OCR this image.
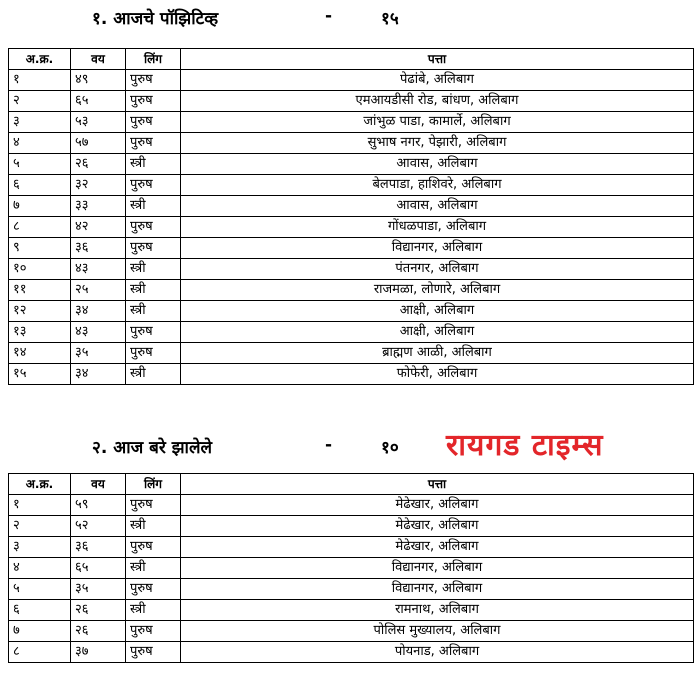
१. आजचे पॉझिटिव्ह	-	१५
अ.क्र.	वय	लिंग	पत्ता
१	४९	पुरुष	पेढांबे, अलिबाग
२	६५	पुरुष	एमआयडीसी रोड, बांधण, अलिबाग
३	५३	पुरुष	जांभुळ पाडा, कामार्ले, अलिबाग
४	५७	पुरुष	सुभाष नगर, पेझारी, अलिबाग
५	२६	स्त्री	आवास, अलिबाग
६	३२	पुरुष	बेलपाडा, हाशिवरे, अलिबाग
७	३३	स्त्री	आवास, अलिबाग
८	४२	पुरुष	गोंधळपाडा, अलिबाग
९	३६	पुरुष	विद्यानगर, अलिबाग
१०	४३	स्त्री	पंतनगर, अलिबाग
११	२५	स्त्री	राजमळा, लोणारे, अलिबाग
१२	३४	स्त्री	आक्षी, अलिबाग
१३	४३	पुरुष	आक्षी, अलिबाग
१४	३५	पुरुष	ब्राह्मण आळी, अलिबाग
१५	३४	स्त्री	फोफेरी, अलिबाग
२. आज बरे झालेले	-	१० रायगड टाइम्स
अ.क्र.	वय	लिंग	पत्ता
१	५९	पुरुष	मेढेखार, अलिबाग
२	५२	स्त्री	मेढेखार, अलिबाग
३	३६	पुरुष	मेढेखार, अलिबाग
४	६५	स्त्री	विद्यानगर, अलिबाग
५	३५	पुरुष	विद्यानगर, अलिबाग
६	२६	स्त्री	रामनाथ, अलिबाग
७	२६	पुरुष	पोलिस मुख्यालय, अलिबाग
८	३७	पुरुष	पोयनाड, अलिबाग
